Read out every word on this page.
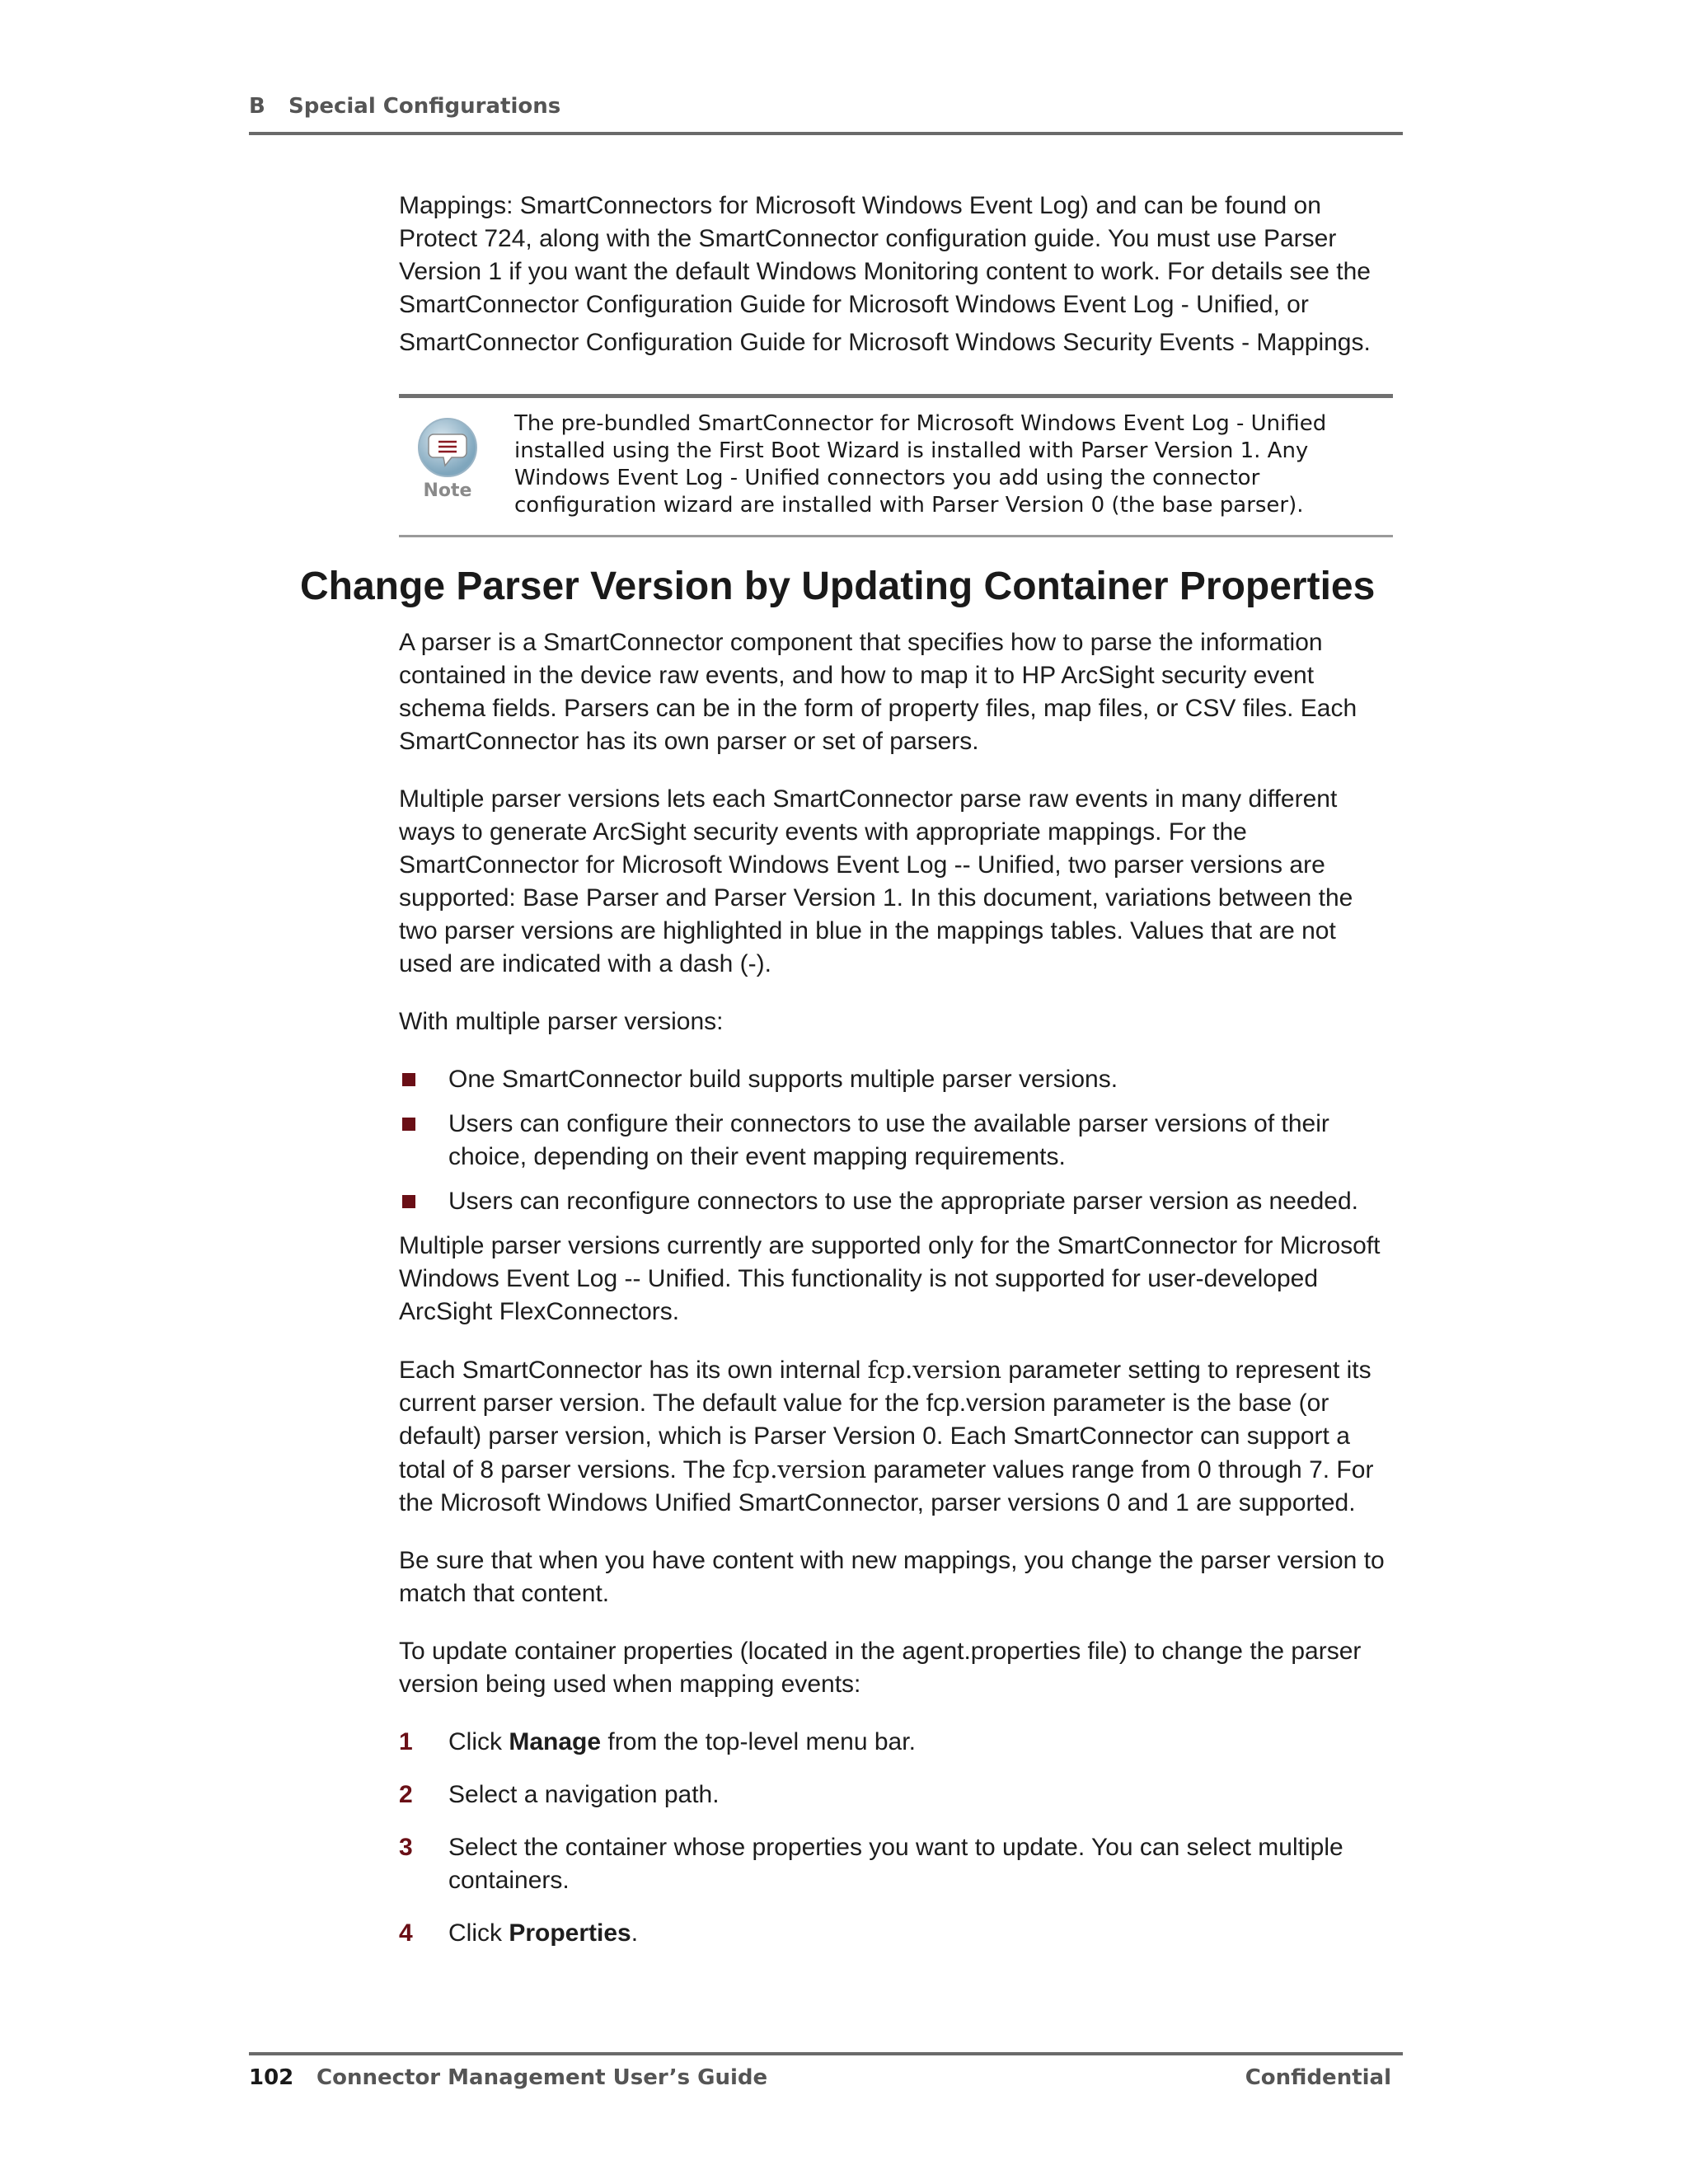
B Special Configurations

Mappings: SmartConnectors for Microsoft Windows Event Log) and can be found on

Protect 724, along with the SmartConnector configuration guide. You must use Parser

Version 1 if you want the default Windows Monitoring content to work. For details see the

SmartConnector Configuration Guide for Microsoft Windows Event Log - Unified, or

SmartConnector Configuration Guide for Microsoft Windows Security Events - Mappings.

Note

The pre-bundled SmartConnector for Microsoft Windows Event Log - Unified installed using the First Boot Wizard is installed with Parser Version 1. Any Windows Event Log - Unified connectors you add using the connector configuration wizard are installed with Parser Version 0 (the base parser).

Change Parser Version by Updating Container Properties

A parser is a SmartConnector component that specifies how to parse the information contained in the device raw events, and how to map it to HP ArcSight security event schema fields. Parsers can be in the form of property files, map files, or CSV files. Each SmartConnector has its own parser or set of parsers.

Multiple parser versions lets each SmartConnector parse raw events in many different ways to generate ArcSight security events with appropriate mappings. For the SmartConnector for Microsoft Windows Event Log -- Unified, two parser versions are supported: Base Parser and Parser Version 1. In this document, variations between the two parser versions are highlighted in blue in the mappings tables. Values that are not used are indicated with a dash (-).

With multiple parser versions:

One SmartConnector build supports multiple parser versions.
Users can configure their connectors to use the available parser versions of their choice, depending on their event mapping requirements.
Users can reconfigure connectors to use the appropriate parser version as needed.

Multiple parser versions currently are supported only for the SmartConnector for Microsoft Windows Event Log -- Unified. This functionality is not supported for user-developed ArcSight FlexConnectors.

Each SmartConnector has its own internal fcp.version parameter setting to represent its current parser version. The default value for the fcp.version parameter is the base (or default) parser version, which is Parser Version 0. Each SmartConnector can support a total of 8 parser versions. The fcp.version parameter values range from 0 through 7. For the Microsoft Windows Unified SmartConnector, parser versions 0 and 1 are supported.

Be sure that when you have content with new mappings, you change the parser version to match that content.

To update container properties (located in the agent.properties file) to change the parser version being used when mapping events:

1 Click Manage from the top-level menu bar.
2 Select a navigation path.
3 Select the container whose properties you want to update. You can select multiple containers.
4 Click Properties.
102 Connector Management User’s Guide	Confidential
